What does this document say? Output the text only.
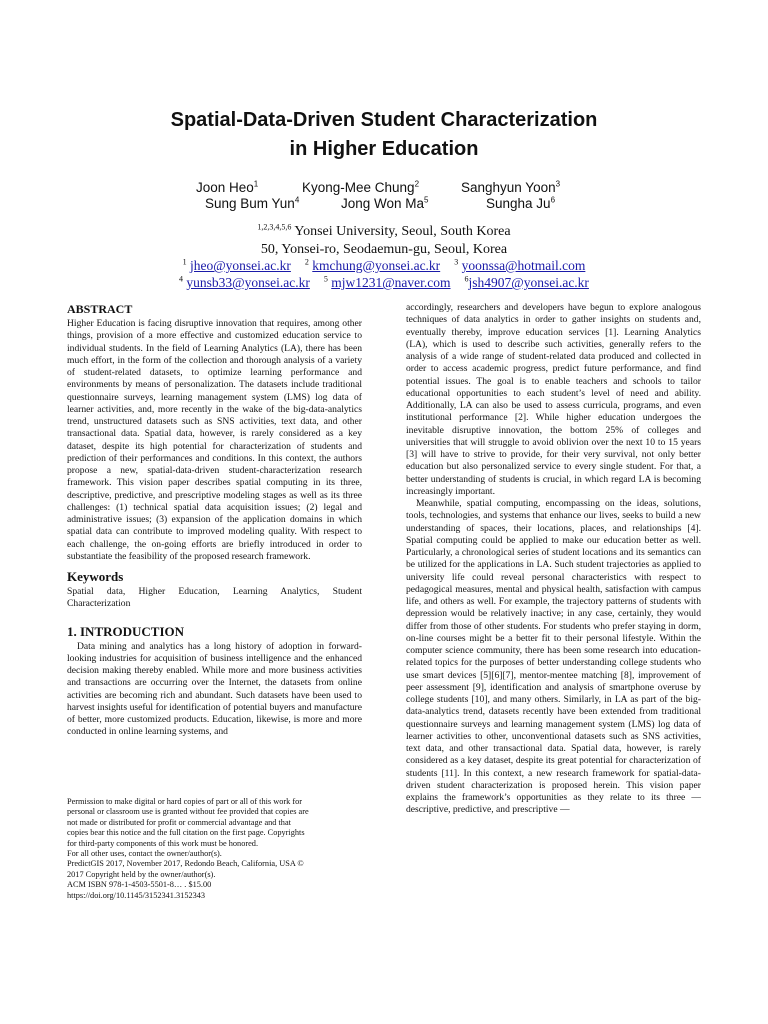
Spatial-Data-Driven Student Characterization
in Higher Education
Joon Heo$^1$	Kyong-Mee Chung$^2$	Sanghyun Yoon$^3$
Sung Bum Yun$^4$	Jong Won Ma$^5$	Sungha Ju$^6$
$^{1,2,3,4,5,6}$ Yonsei University, Seoul, South Korea
50, Yonsei-ro, Seodaemun-gu, Seoul, Korea
$^1$ jheo@yonsei.ac.kr $^2$ kmchung@yonsei.ac.kr $^3$ yoonssa@hotmail.com
$^4$ yunsb33@yonsei.ac.kr $^5$ mjw1231@naver.com $^6$jsh4907@yonsei.ac.kr
ABSTRACT
Higher Education is facing disruptive innovation that requires, among other things, provision of a more effective and customized education service to individual students. In the field of Learning Analytics (LA), there has been much effort, in the form of the collection and thorough analysis of a variety of student-related datasets, to optimize learning performance and environments by means of personalization. The datasets include traditional questionnaire surveys, learning management system (LMS) log data of learner activities, and, more recently in the wake of the big-data-analytics trend, unstructured datasets such as SNS activities, text data, and other transactional data. Spatial data, however, is rarely considered as a key dataset, despite its high potential for characterization of students and prediction of their performances and conditions. In this context, the authors propose a new, spatial-data-driven student-characterization research framework. This vision paper describes spatial computing in its three, descriptive, predictive, and prescriptive modeling stages as well as its three challenges: (1) technical spatial data acquisition issues; (2) legal and administrative issues; (3) expansion of the application domains in which spatial data can contribute to improved modeling quality. With respect to each challenge, the on-going efforts are briefly introduced in order to substantiate the feasibility of the proposed research framework.
Keywords
Spatial data, Higher Education, Learning Analytics, Student Characterization
1. INTRODUCTION
Data mining and analytics has a long history of adoption in forward-looking industries for acquisition of business intelligence and the enhanced decision making thereby enabled. While more and more business activities and transactions are occurring over the Internet, the datasets from online activities are becoming rich and abundant. Such datasets have been used to harvest insights useful for identification of potential buyers and manufacture of better, more customized products. Education, likewise, is more and more conducted in online learning systems, and
Permission to make digital or hard copies of part or all of this work for
personal or classroom use is granted without fee provided that copies are
not made or distributed for profit or commercial advantage and that
copies bear this notice and the full citation on the first page. Copyrights
for third-party components of this work must be honored.
For all other uses, contact the owner/author(s).
PredictGIS 2017, November 2017, Redondo Beach, California, USA ©
2017 Copyright held by the owner/author(s).
ACM ISBN 978-1-4503-5501-8… . $15.00
https://doi.org/10.1145/3152341.3152343
accordingly, researchers and developers have begun to explore analogous techniques of data analytics in order to gather insights on students and, eventually thereby, improve education services [1]. Learning Analytics (LA), which is used to describe such activities, generally refers to the analysis of a wide range of student-related data produced and collected in order to access academic progress, predict future performance, and find potential issues. The goal is to enable teachers and schools to tailor educational opportunities to each student’s level of need and ability. Additionally, LA can also be used to assess curricula, programs, and even institutional performance [2]. While higher education undergoes the inevitable disruptive innovation, the bottom 25% of colleges and universities that will struggle to avoid oblivion over the next 10 to 15 years [3] will have to strive to provide, for their very survival, not only better education but also personalized service to every single student. For that, a better understanding of students is crucial, in which regard LA is becoming increasingly important.
Meanwhile, spatial computing, encompassing on the ideas, solutions, tools, technologies, and systems that enhance our lives, seeks to build a new understanding of spaces, their locations, places, and relationships [4]. Spatial computing could be applied to make our education better as well. Particularly, a chronological series of student locations and its semantics can be utilized for the applications in LA. Such student trajectories as applied to university life could reveal personal characteristics with respect to pedagogical measures, mental and physical health, satisfaction with campus life, and others as well. For example, the trajectory patterns of students with depression would be relatively inactive; in any case, certainly, they would differ from those of other students. For students who prefer staying in dorm, on-line courses might be a better fit to their personal lifestyle. Within the computer science community, there has been some research into education-related topics for the purposes of better understanding college students who use smart devices [5][6][7], mentor-mentee matching [8], improvement of peer assessment [9], identification and analysis of smartphone overuse by college students [10], and many others. Similarly, in LA as part of the big-data-analytics trend, datasets recently have been extended from traditional questionnaire surveys and learning management system (LMS) log data of learner activities to other, unconventional datasets such as SNS activities, text data, and other transactional data. Spatial data, however, is rarely considered as a key dataset, despite its great potential for characterization of students [11]. In this context, a new research framework for spatial-data-driven student characterization is proposed herein. This vision paper explains the framework’s opportunities as they relate to its three — descriptive, predictive, and prescriptive —
